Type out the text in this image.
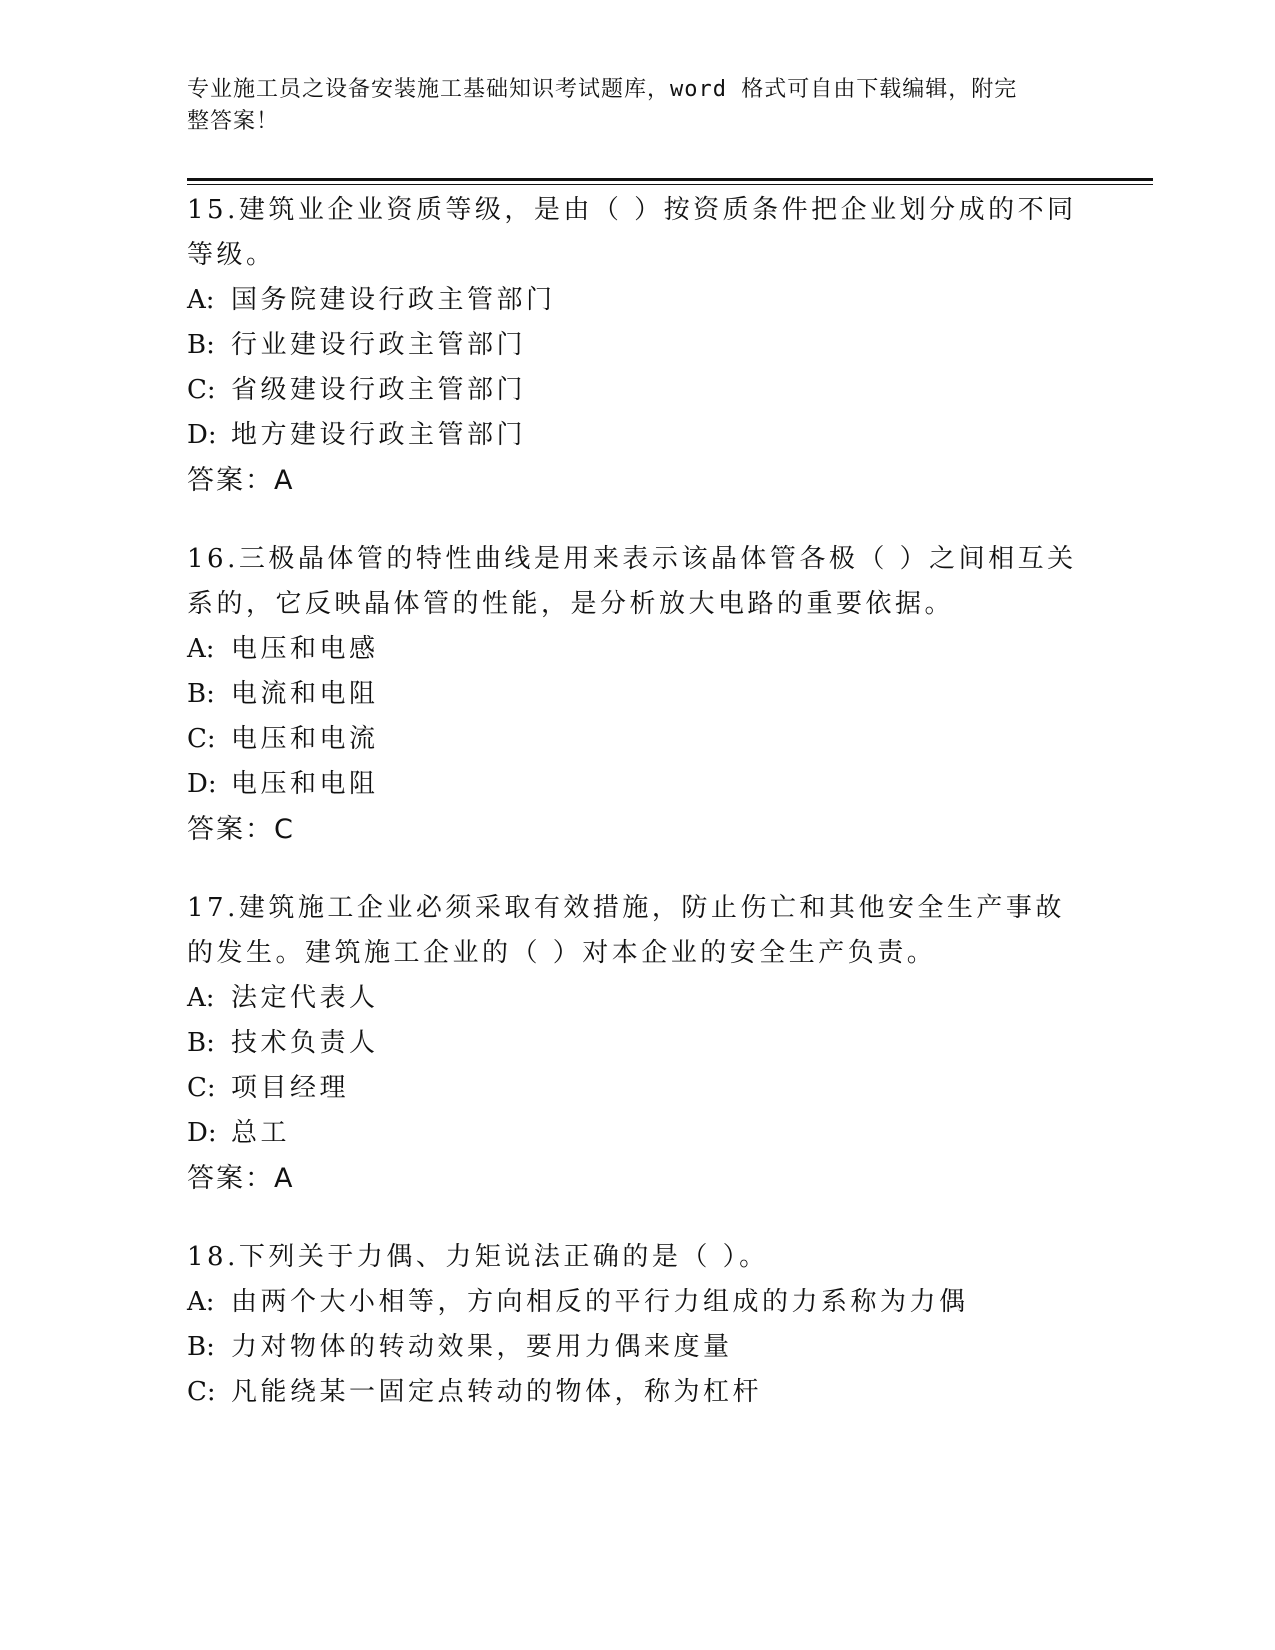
专业施工员之设备安装施工基础知识考试题库，word 格式可自由下载编辑，附完
整答案！

15.建筑业企业资质等级，是由（ ）按资质条件把企业划分成的不同等级。

A: 国务院建设行政主管部门

B: 行业建设行政主管部门

C: 省级建设行政主管部门

D: 地方建设行政主管部门

答案：A

16.三极晶体管的特性曲线是用来表示该晶体管各极（ ）之间相互关系的，它反映晶体管的性能，是分析放大电路的重要依据。

A: 电压和电感

B: 电流和电阻

C: 电压和电流

D: 电压和电阻

答案：C

17.建筑施工企业必须采取有效措施，防止伤亡和其他安全生产事故的发生。建筑施工企业的（ ）对本企业的安全生产负责。

A: 法定代表人

B: 技术负责人

C: 项目经理

D: 总工

答案：A

18.下列关于力偶、力矩说法正确的是（ ）。

A: 由两个大小相等，方向相反的平行力组成的力系称为力偶

B: 力对物体的转动效果，要用力偶来度量

C: 凡能绕某一固定点转动的物体，称为杠杆
